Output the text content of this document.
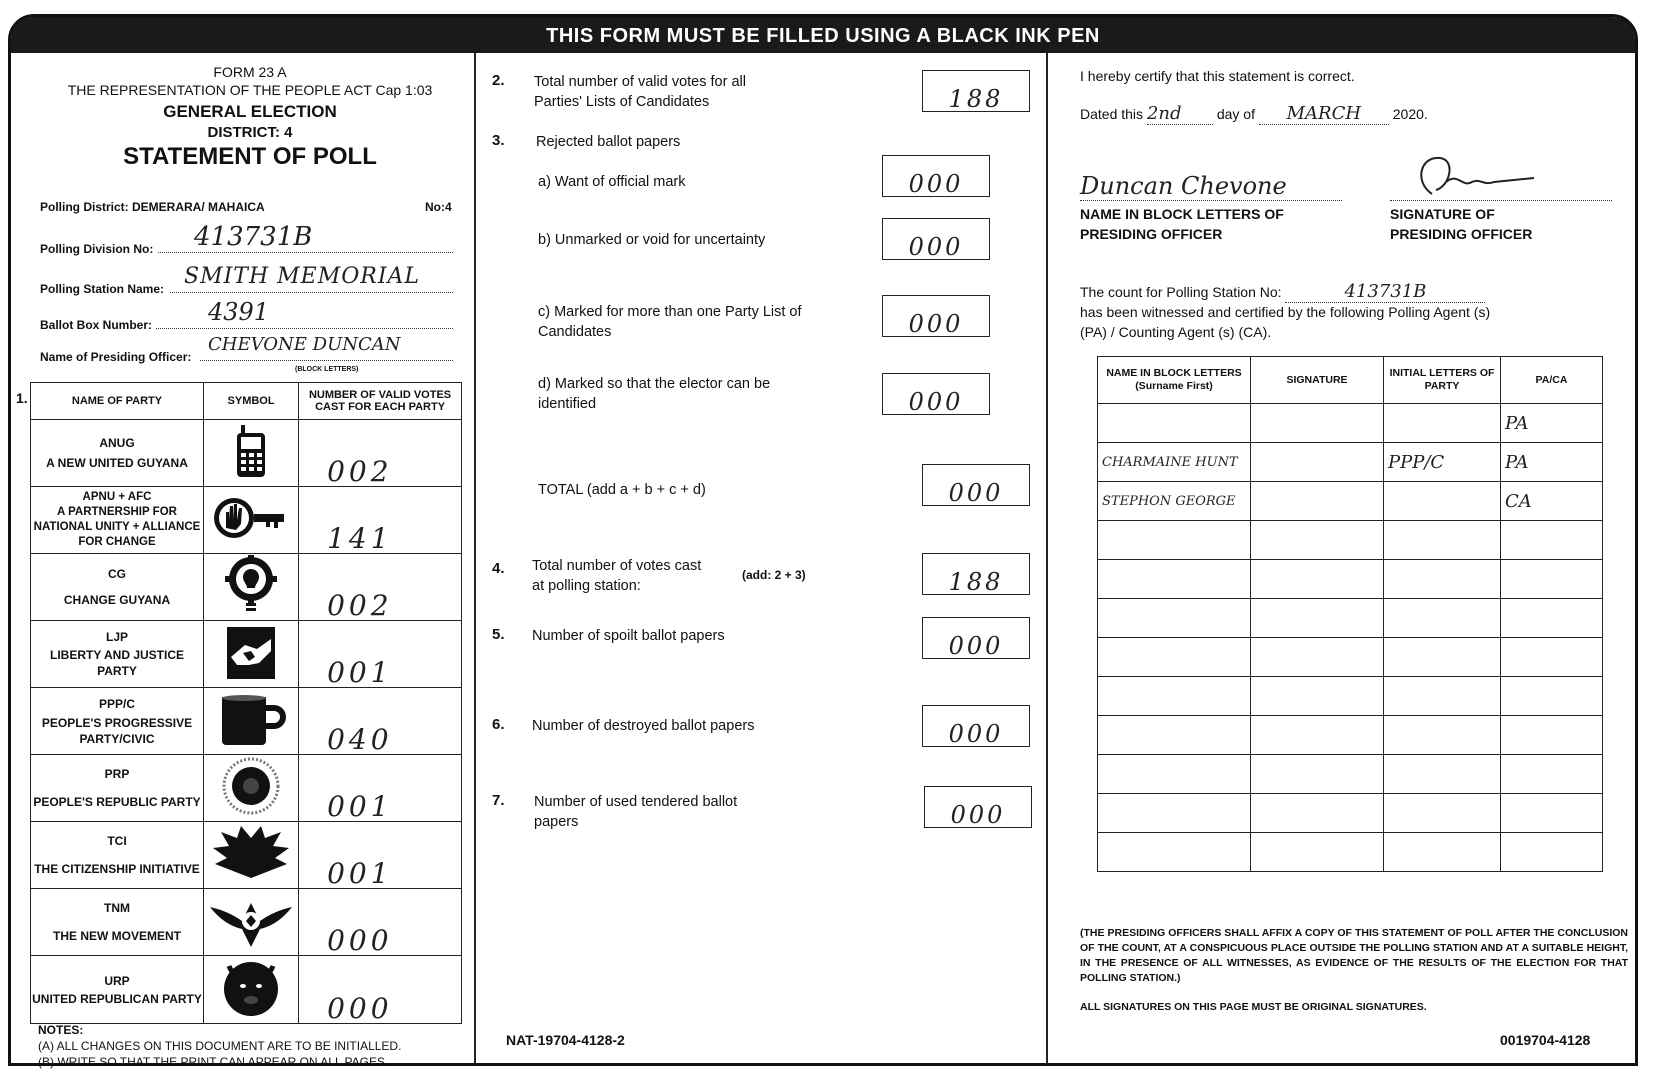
THIS FORM MUST BE FILLED USING A BLACK INK PEN
FORM 23 A
THE REPRESENTATION OF THE PEOPLE ACT Cap 1:03
GENERAL ELECTION
DISTRICT: 4
STATEMENT OF POLL
Polling District: DEMERARA/ MAHAICA	No:4
Polling Division No: 413731B
Polling Station Name: SMITH MEMORIAL
Ballot Box Number: 4391
Name of Presiding Officer:
CHEVONE DUNCAN
(BLOCK LETTERS)
1.	NAME OF PARTY	SYMBOL	NUMBER OF VALID VOTES CAST FOR EACH PARTY

ANUG
A NEW UNITED GUYANA		002

APNU + AFC
A PARTNERSHIP FOR NATIONAL UNITY + ALLIANCE FOR CHANGE		141

CG
CHANGE GUYANA		002

LJP
LIBERTY AND JUSTICE PARTY		001

PPP/C
PEOPLE'S PROGRESSIVE PARTY/CIVIC		040

PRP
PEOPLE'S REPUBLIC PARTY		001

TCI
THE CITIZENSHIP INITIATIVE		001

TNM
THE NEW MOVEMENT		000

URP
UNITED REPUBLICAN PARTY		000
NOTES:
(A) ALL CHANGES ON THIS DOCUMENT ARE TO BE INITIALLED.
(B) WRITE SO THAT THE PRINT CAN APPEAR ON ALL PAGES.
2. Total number of valid votes for all Parties' Lists of Candidates	188
3. Rejected ballot papers
a) Want of official mark	000
b) Unmarked or void for uncertainty	000
c) Marked for more than one Party List of Candidates	000
d) Marked so that the elector can be identified	000
TOTAL (add a + b + c + d)	000
4. Total number of votes cast at polling station:
(add: 2 + 3)	188
5. Number of spoilt ballot papers	000
6. Number of destroyed ballot papers	000
7. Number of used tendered ballot papers	000
NAT-19704-4128-2
I hereby certify that this statement is correct.
Dated this 2nd	day of MARCH 2020.
Duncan Chevone
NAME IN BLOCK LETTERS OF PRESIDING OFFICER
SIGNATURE OF PRESIDING OFFICER
The count for Polling Station No:	413731B
has been witnessed and certified by the following Polling Agent (s) (PA) / Counting Agent (s) (CA).
NAME IN BLOCK LETTERS (Surname First)	SIGNATURE	INITIAL LETTERS OF PARTY	PA/CA
			PA
CHARMAINE HUNT		PPP/C	PA
STEPHON GEORGE			CA

(THE PRESIDING OFFICERS SHALL AFFIX A COPY OF THIS STATEMENT OF POLL AFTER THE CONCLUSION OF THE COUNT, AT A CONSPICUOUS PLACE OUTSIDE THE POLLING STATION AND AT A SUITABLE HEIGHT, IN THE PRESENCE OF ALL WITNESSES, AS EVIDENCE OF THE RESULTS OF THE ELECTION FOR THAT POLLING STATION.)
ALL SIGNATURES ON THIS PAGE MUST BE ORIGINAL SIGNATURES.
0019704-4128
